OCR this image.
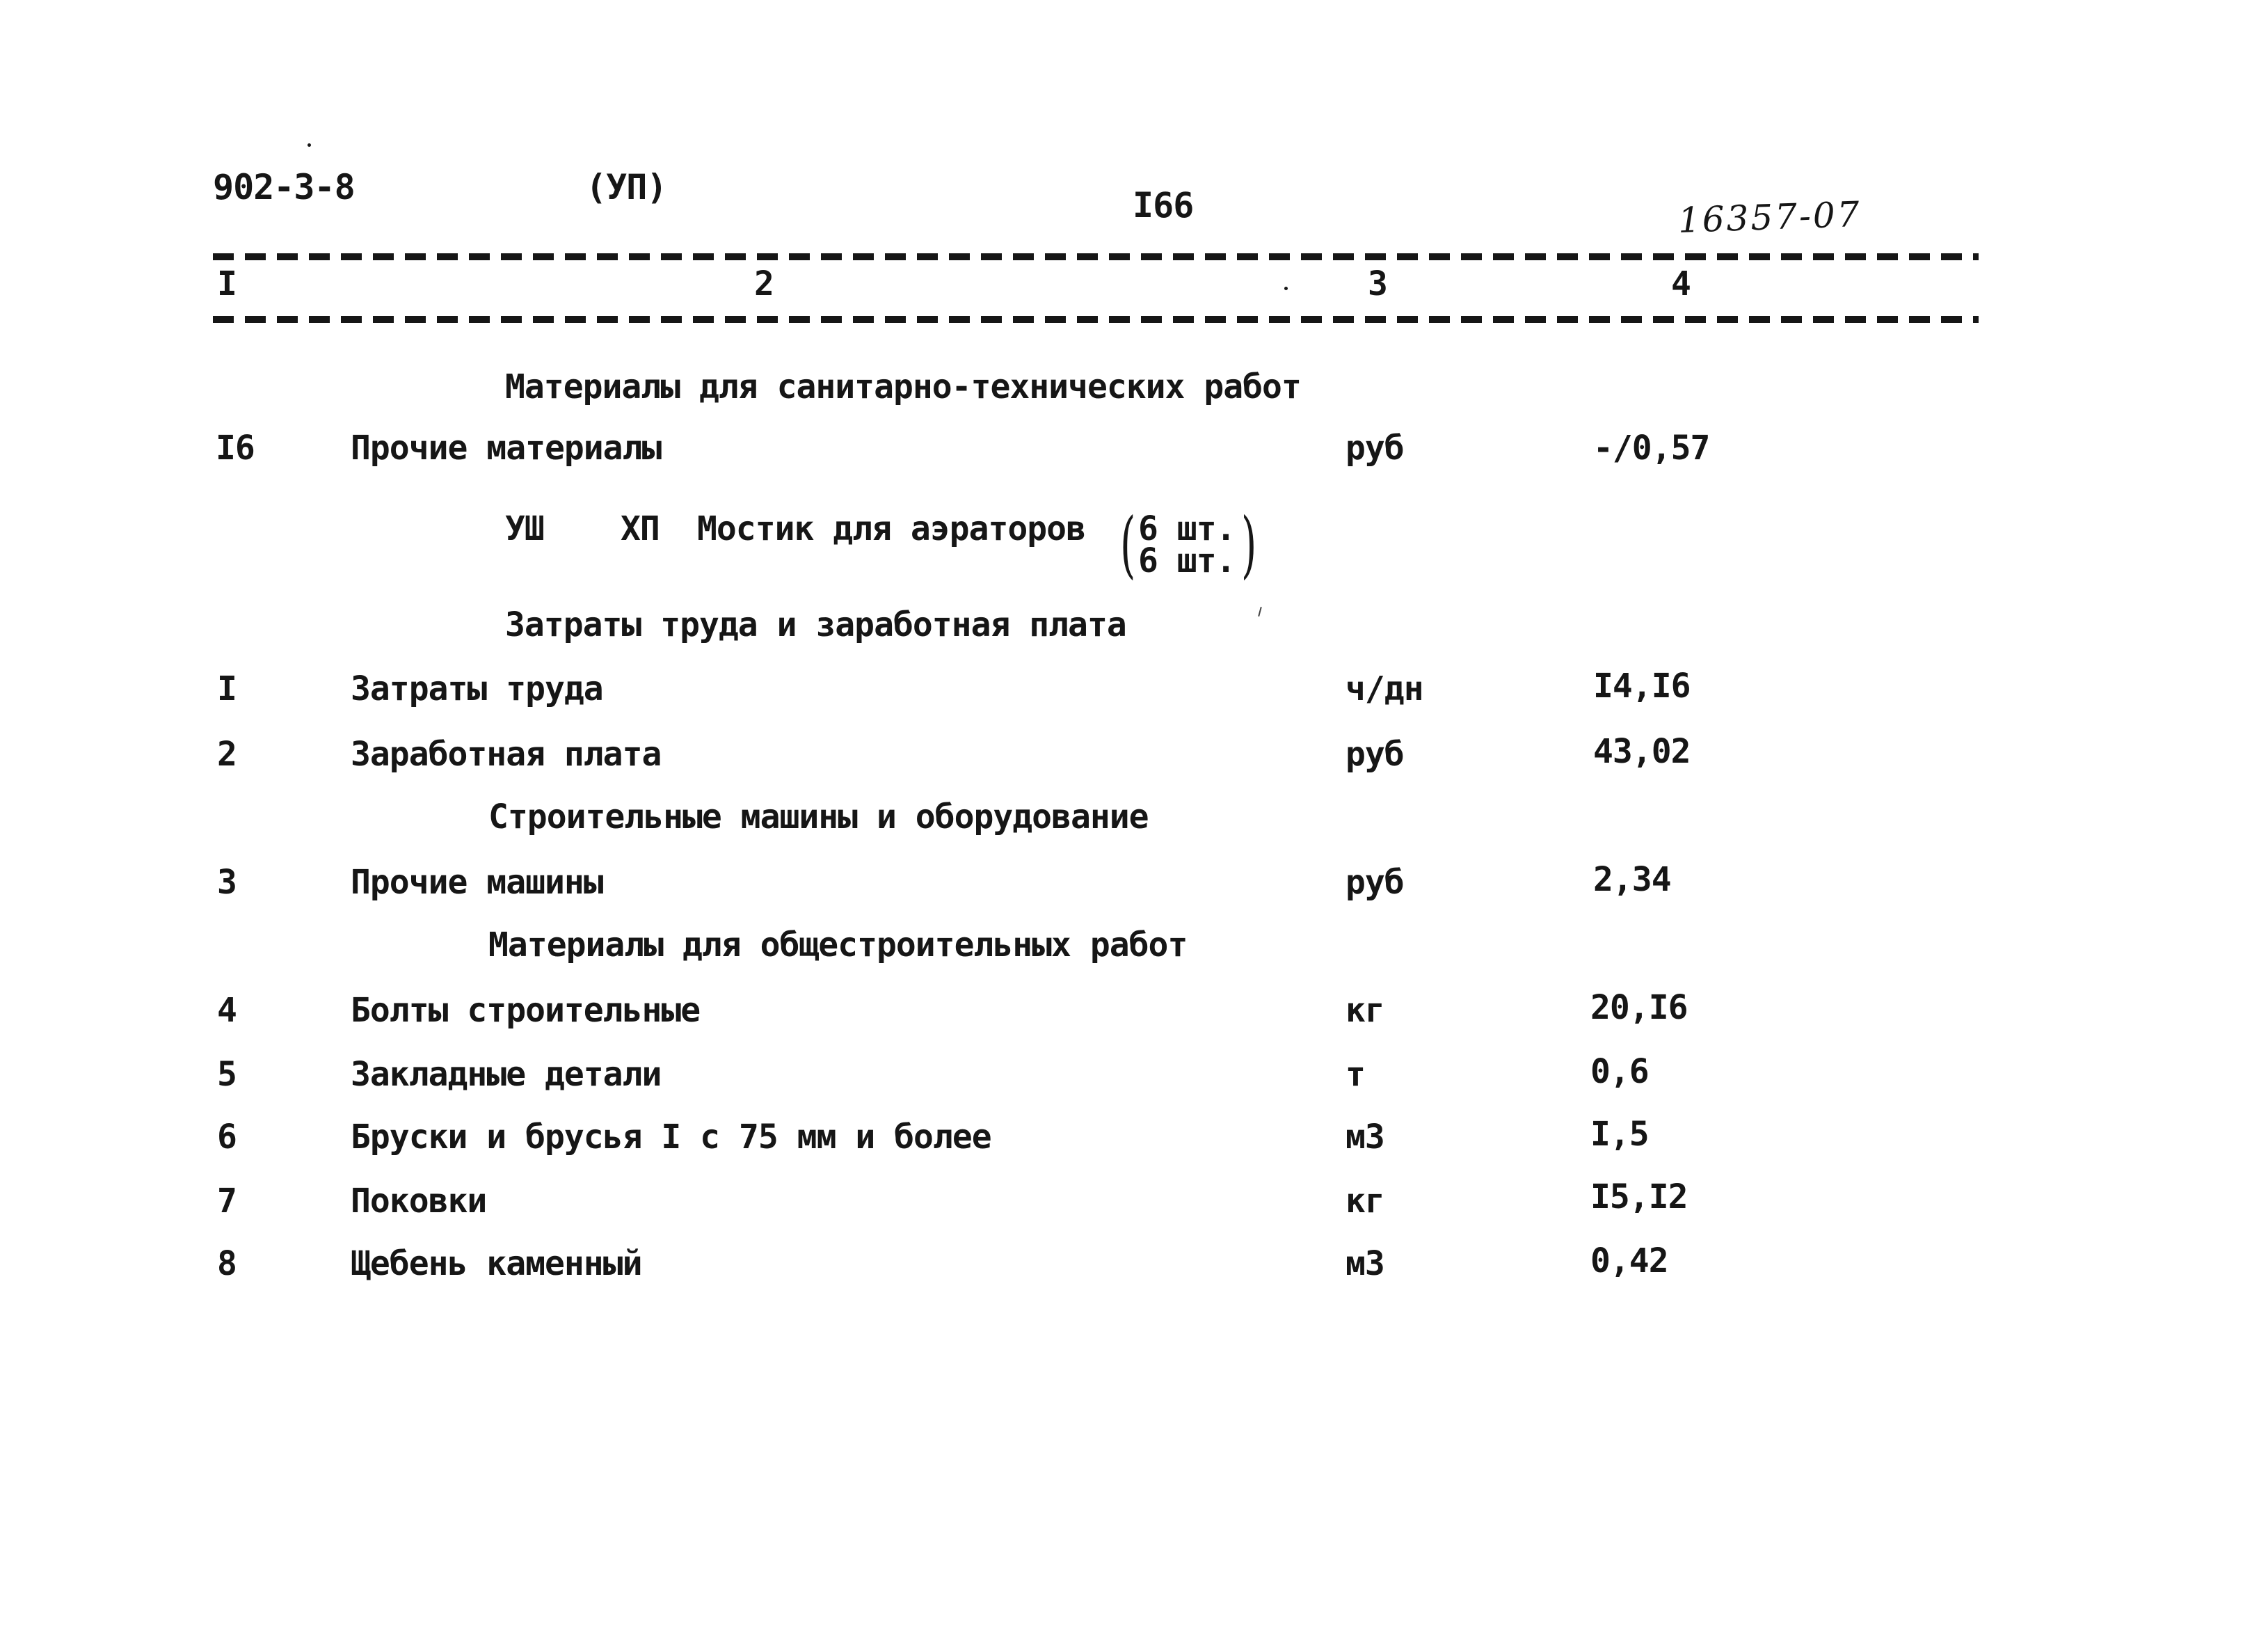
902-3-8	(УП)	I66	16357-07
I	2	3	4
Материалы для санитарно-технических работ
I6	Прочие материалы	руб	-/0,57
УШ ХП Мостик для аэраторов ( 6 шт.
6 шт. )
Затраты труда и заработная плата
I	Затраты труда	ч/дн	I4,I6
2	Заработная плата	руб	43,02
Строительные машины и оборудование
3	Прочие машины	руб	2,34
Материалы для общестроительных работ
4	Болты строительные	кг	20,I6
5	Закладные детали	т	0,6
6	Бруски и брусья I с 75 мм и более	м3	I,5
7	Поковки	кг	I5,I2
8	Щебень каменный	м3	0,42
